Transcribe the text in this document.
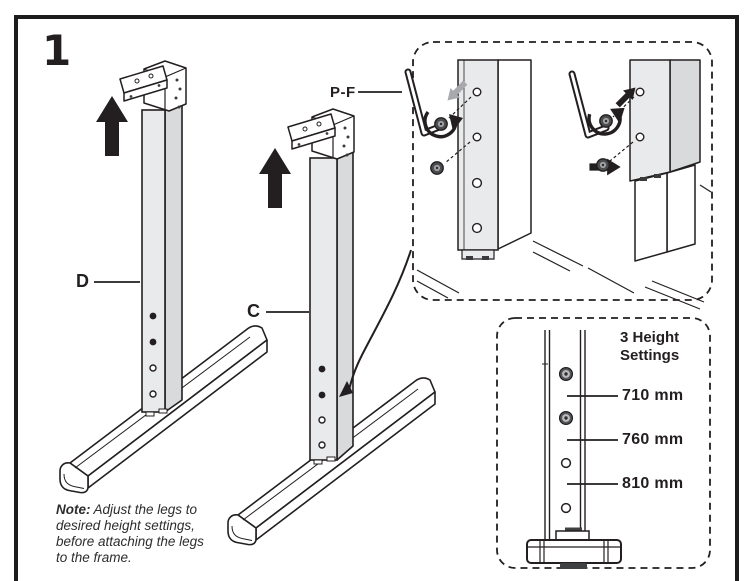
1
D
C
P-F
3 Height Settings
710 mm
760 mm
810 mm
Note: Adjust the legs to desired height settings, before attaching the legs to the frame.
